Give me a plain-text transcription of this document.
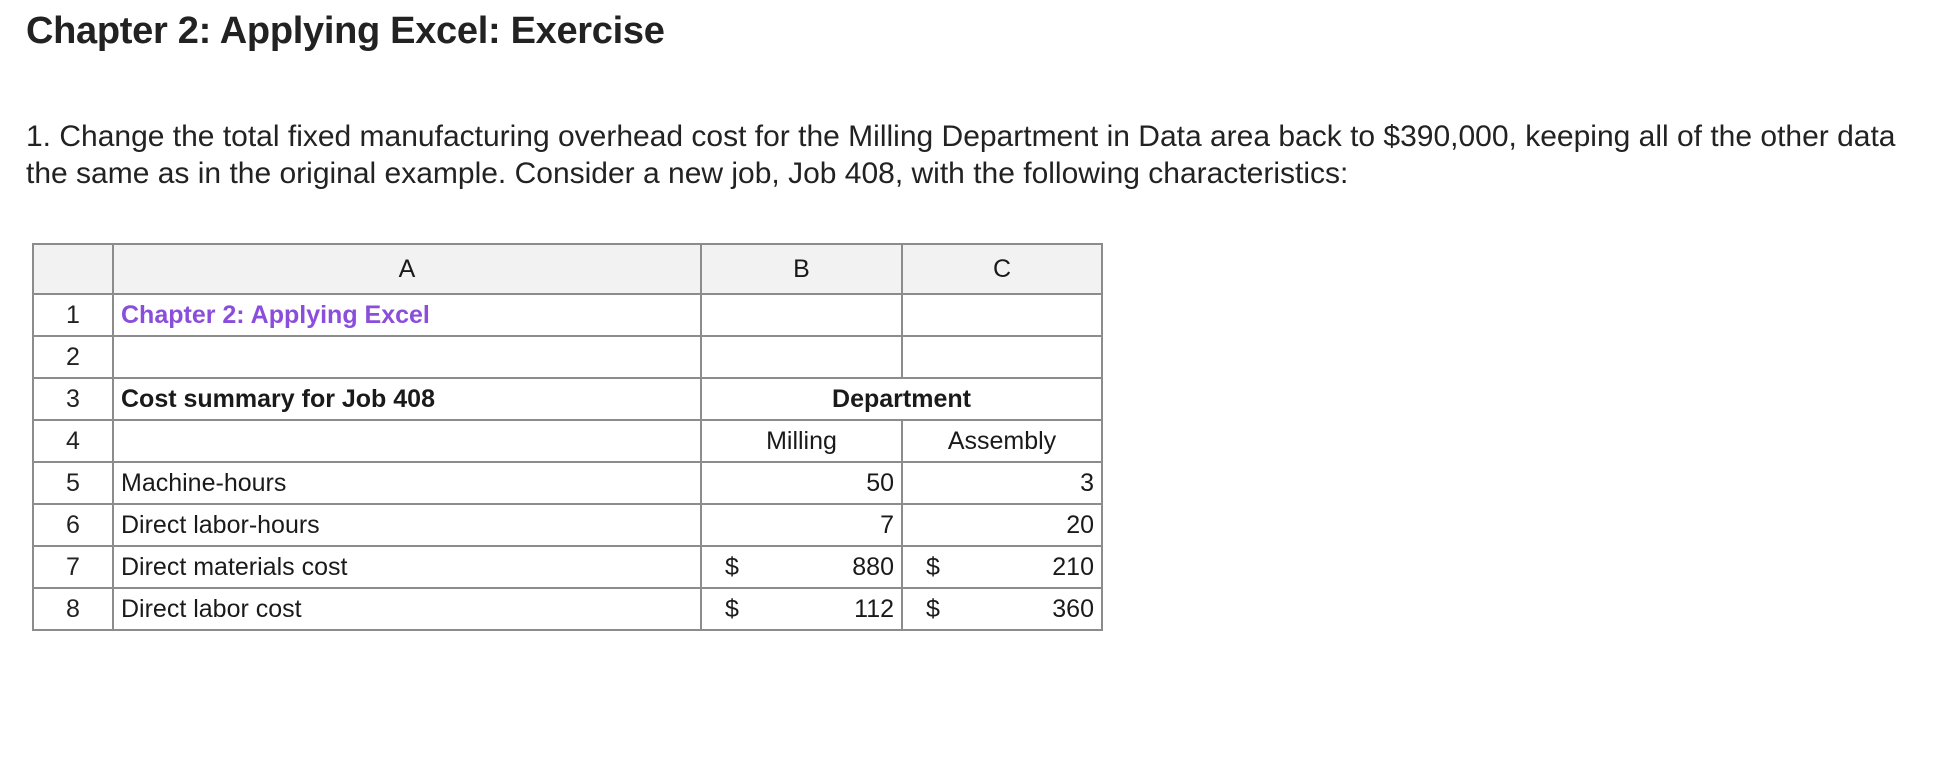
Chapter 2: Applying Excel: Exercise

1. Change the total fixed manufacturing overhead cost for the Milling Department in Data area back to $390,000, keeping all of the other data the same as in the original example. Consider a new job, Job 408, with the following characteristics:

	A	B	C
1	Chapter 2: Applying Excel		
2			
3	Cost summary for Job 408	Department	
4		Milling	Assembly
5	Machine-hours	50	3
6	Direct labor-hours	7	20
7	Direct materials cost	$ 880	$ 210

8	Direct labor cost	$ 112	$ 360
